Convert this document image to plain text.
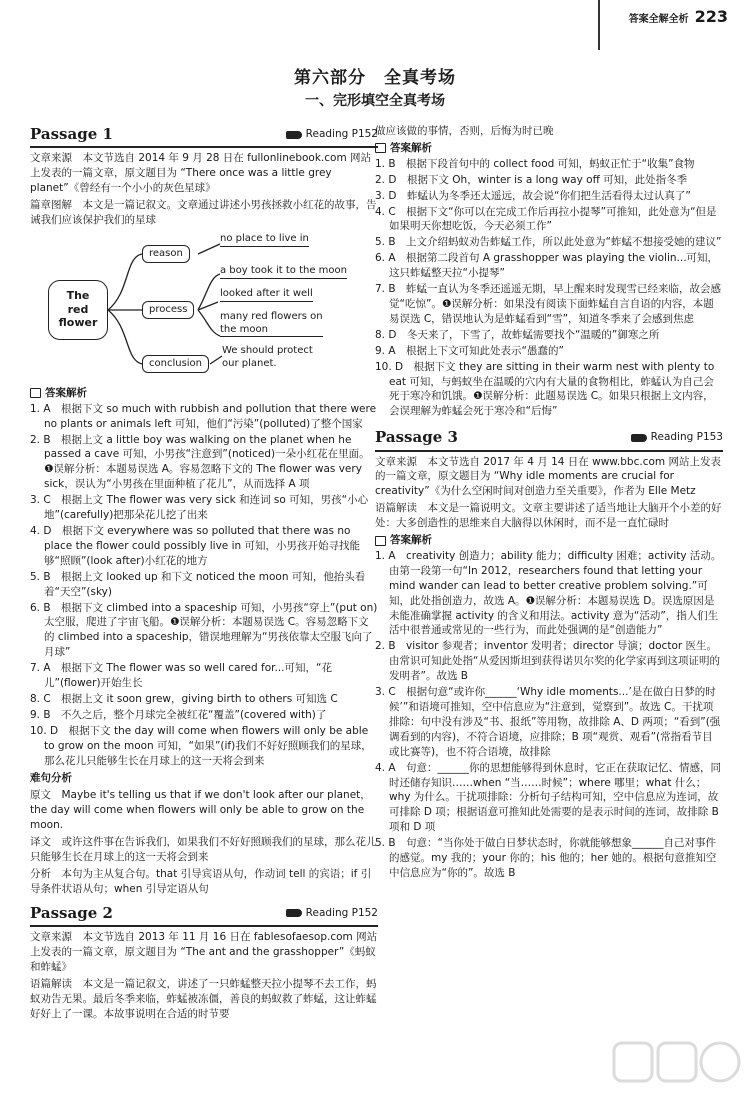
答案全解全析 223
第六部分　全真考场
一、完形填空全真考场
Passage 1	Reading P152

文章来源　本文节选自 2014 年 9 月 28 日在 fullonlinebook.com 网站上发表的一篇文章，原文题目为 “There once was a little grey planet”《曾经有一个小小的灰色星球》

篇章图解　本文是一篇记叙文。文章通过讲述小男孩拯救小红花的故事，告诫我们应该保护我们的星球

The
red
flower
reason
process
conclusion
no place to live in
a boy took it to the moon
looked after it well
many red flowers on
the moon
We should protect
our planet.
答案解析
1. A　根据下文 so much with rubbish and pollution that there were no plants or animals left 可知，他们“污染”(polluted)了整个国家
2. B　根据上文 a little boy was walking on the planet when he passed a cave 可知，小男孩“注意到”(noticed)一朵小红花在里面。❶误解分析：本题易误选 A。容易忽略下文的 The flower was very sick，误认为“小男孩在里面种植了花儿”，从而选择 A 项
3. C　根据上文 The flower was very sick 和连词 so 可知，男孩“小心地”(carefully)把那朵花儿挖了出来
4. D　根据下文 everywhere was so polluted that there was no place the flower could possibly live in 可知，小男孩开始寻找能够“照顾”(look after)小红花的地方
5. B　根据上文 looked up 和下文 noticed the moon 可知，他抬头看着“天空”(sky)
6. B　根据下文 climbed into a spaceship 可知，小男孩“穿上”(put on)太空服，爬进了宇宙飞船。❶误解分析：本题易误选 C。容易忽略下文的 climbed into a spaceship，错误地理解为“男孩依靠太空服飞向了月球”
7. A　根据下文 The flower was so well cared for...可知，“花儿”(flower)开始生长
8. C　根据上文 it soon grew，giving birth to others 可知选 C
9. B　不久之后，整个月球完全被红花“覆盖”(covered with)了
10. D　根据下文 the day will come when flowers will only be able to grow on the moon 可知，“如果”(if)我们不好好照顾我们的星球，那么花儿只能够生长在月球上的这一天将会到来

难句分析

原文　Maybe it's telling us that if we don't look after our planet，the day will come when flowers will only be able to grow on the moon.

译文　或许这件事在告诉我们，如果我们不好好照顾我们的星球，那么花儿只能够生长在月球上的这一天将会到来

分析　本句为主从复合句。that 引导宾语从句，作动词 tell 的宾语；if 引导条件状语从句；when 引导定语从句

Passage 2	Reading P152

文章来源　本文节选自 2013 年 11 月 16 日在 fablesofaesop.com 网站上发表的一篇文章，原文题目为 “The ant and the grasshopper”《蚂蚁和蚱蜢》

语篇解读　本文是一篇记叙文，讲述了一只蚱蜢整天拉小提琴不去工作，蚂蚁劝告无果。最后冬季来临，蚱蜢被冻僵，善良的蚂蚁救了蚱蜢，这让蚱蜢好好上了一课。本故事说明在合适的时节要

做应该做的事情，否则，后悔为时已晚

答案解析
1. B　根据下段首句中的 collect food 可知，蚂蚁正忙于“收集”食物
2. D　根据下文 Oh，winter is a long way off 可知，此处指冬季
3. D　蚱蜢认为冬季还太遥远，故会说“你们把生活看得太过认真了”
4. C　根据下文“你可以在完成工作后再拉小提琴”可推知，此处意为“但是如果明天你想吃饭，今天必须工作”
5. B　上文介绍蚂蚁劝告蚱蜢工作，所以此处意为“蚱蜢不想接受她的建议”
6. A　根据第二段首句 A grasshopper was playing the violin...可知，这只蚱蜢整天拉“小提琴”
7. B　蚱蜢一直认为冬季还遥遥无期，早上醒来时发现雪已经来临，故会感觉“吃惊”。❶误解分析：如果没有阅读下面蚱蜢自言自语的内容，本题易误选 C，错误地认为是蚱蜢看到“雪”，知道冬季来了会感到焦虑
8. D　冬天来了，下雪了，故蚱蜢需要找个“温暖的”御寒之所
9. A　根据上下文可知此处表示“愚蠢的”
10. D　根据下文 they are sitting in their warm nest with plenty to eat 可知，与蚂蚁坐在温暖的穴内有大量的食物相比，蚱蜢认为自己会死于寒冷和饥饿。❶误解分析：此题易误选 C。如果只根据上文内容，会误理解为蚱蜢会死于寒冷和“后悔”
Passage 3	Reading P153

文章来源　本文节选自 2017 年 4 月 14 日在 www.bbc.com 网站上发表的一篇文章，原文题目为 “Why idle moments are crucial for creativity”《为什么空闲时间对创造力至关重要》，作者为 Elle Metz

语篇解读　本文是一篇说明文。文章主要讲述了适当地让大脑开个小差的好处：大多创造性的思维来自大脑得以休闲时，而不是一直忙碌时

答案解析
1. A　creativity 创造力；ability 能力；difficulty 困难；activity 活动。由第一段第一句“In 2012，researchers found that letting your mind wander can lead to better creative problem solving.”可知，此处指创造力，故选 A。❶误解分析：本题易误选 D。误选原因是未能准确掌握 activity 的含义和用法。activity 意为“活动”，指人们生活中很普通或常见的一些行为，而此处强调的是“创造能力”
2. B　visitor 参观者；inventor 发明者；director 导演；doctor 医生。由常识可知此处指“从爱因斯坦到获得诺贝尔奖的化学家再到这项证明的发明者”。故选 B
3. C　根据句意“或许你______‘Why idle moments...’是在做白日梦的时候’”和语境可推知，空中信息应为“注意到，觉察到”。故选 C。干扰项排除：句中没有涉及“书、报纸”等用物，故排除 A、D 两项；“看到”(强调看到的内容)，不符合语境，应排除；B 项“观赏、观看”(常指看节目或比赛等)，也不符合语境，故排除
4. A　句意：______你的思想能够得到休息时，它正在获取记忆、情感，同时还储存知识……when “当……时候”；where 哪里；what 什么；why 为什么。干扰项排除：分析句子结构可知，空中信息应为连词，故可排除 D 项；根据语意可推知此处需要的是表示时间的连词，故排除 B 项和 D 项
5. B　句意：“当你处于做白日梦状态时，你就能够想象______自己对事件的感觉。my 我的；your 你的；his 他的；her 她的。根据句意推知空中信息应为“你的”。故选 B
